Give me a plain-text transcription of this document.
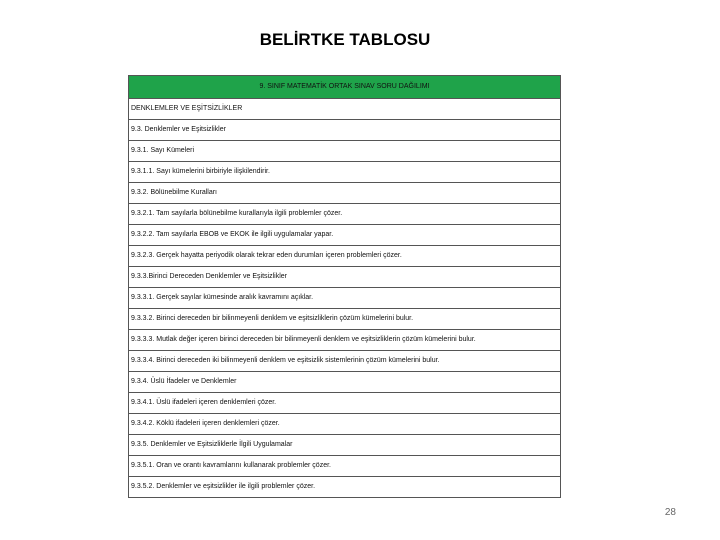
BELİRTKE TABLOSU
9. SINIF MATEMATİK ORTAK SINAV SORU DAĞILIMI
DENKLEMLER VE EŞİTSİZLİKLER
9.3. Denklemler ve Eşitsizlikler
9.3.1. Sayı Kümeleri
9.3.1.1. Sayı kümelerini birbiriyle ilişkilendirir.
9.3.2. Bölünebilme Kuralları
9.3.2.1. Tam sayılarla bölünebilme kurallarıyla ilgili problemler çözer.
9.3.2.2. Tam sayılarla EBOB ve EKOK ile ilgili uygulamalar yapar.
9.3.2.3. Gerçek hayatta periyodik olarak tekrar eden durumları içeren problemleri çözer.
9.3.3.Birinci Dereceden Denklemler ve Eşitsizlikler
9.3.3.1. Gerçek sayılar kümesinde aralık kavramını açıklar.
9.3.3.2. Birinci dereceden bir bilinmeyenli denklem ve eşitsizliklerin çözüm kümelerini bulur.
9.3.3.3. Mutlak değer içeren birinci dereceden bir bilinmeyenli denklem ve eşitsizliklerin çözüm kümelerini bulur.
9.3.3.4. Birinci dereceden iki bilinmeyenli denklem ve eşitsizlik sistemlerinin çözüm kümelerini bulur.
9.3.4. Üslü İfadeler ve Denklemler
9.3.4.1. Üslü ifadeleri içeren denklemleri çözer.
9.3.4.2. Köklü ifadeleri içeren denklemleri çözer.
9.3.5. Denklemler ve Eşitsizliklerle İlgili Uygulamalar
9.3.5.1. Oran ve orantı kavramlarını kullanarak problemler çözer.
9.3.5.2. Denklemler ve eşitsizlikler ile ilgili problemler çözer.
28
